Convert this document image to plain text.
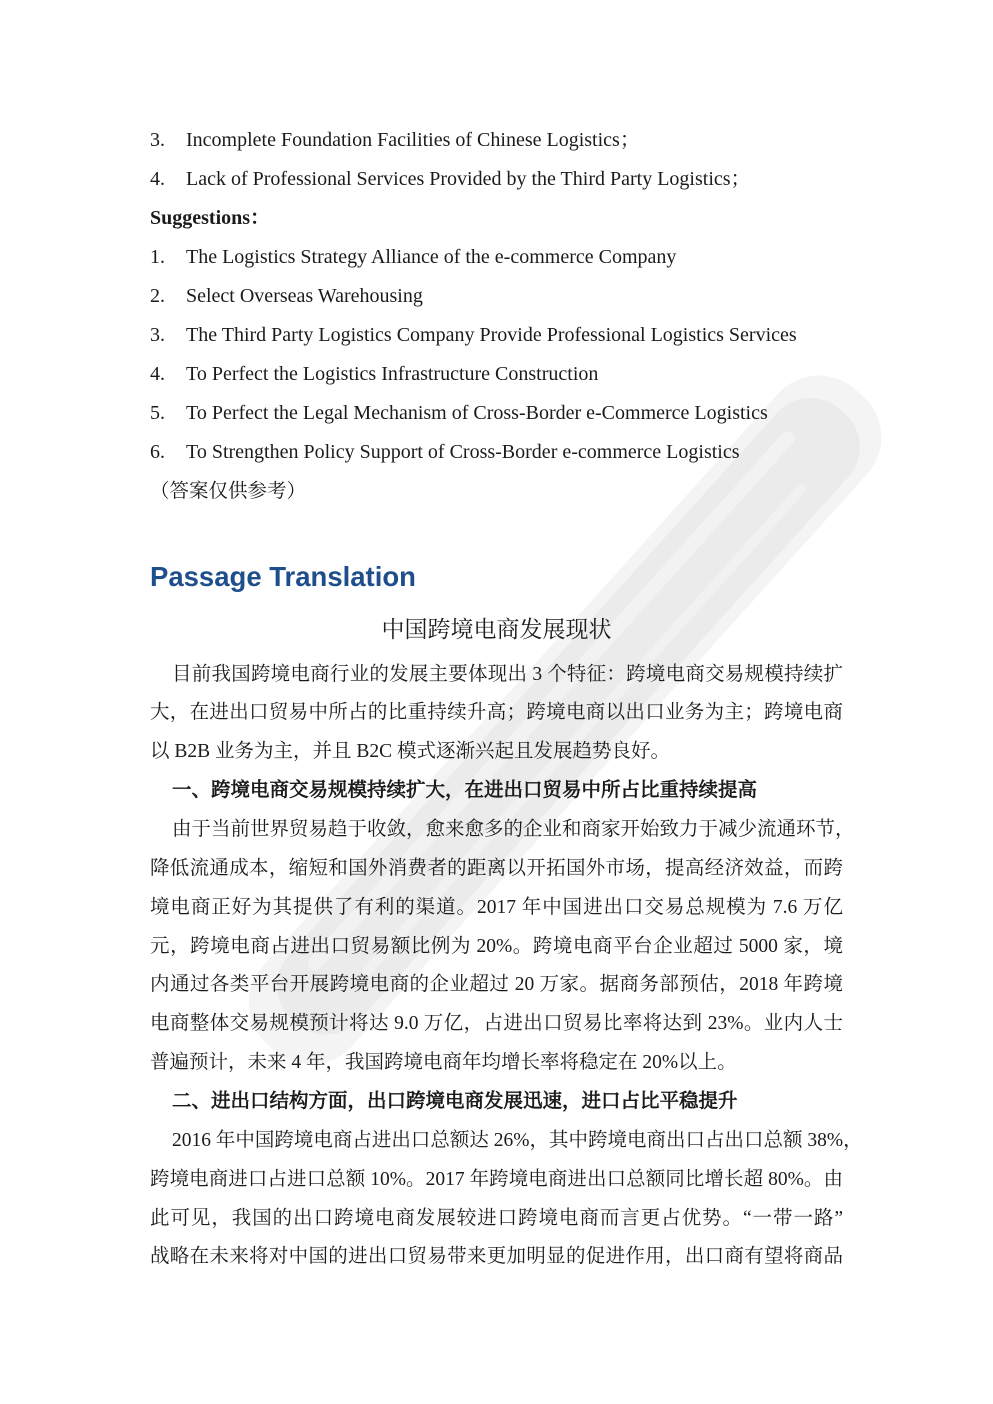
3. Incomplete Foundation Facilities of Chinese Logistics；
4. Lack of Professional Services Provided by the Third Party Logistics；
Suggestions：
1. The Logistics Strategy Alliance of the e-commerce Company
2. Select Overseas Warehousing
3. The Third Party Logistics Company Provide Professional Logistics Services
4. To Perfect the Logistics Infrastructure Construction
5. To Perfect the Legal Mechanism of Cross-Border e-Commerce Logistics
6. To Strengthen Policy Support of Cross-Border e-commerce Logistics
（答案仅供参考）
Passage Translation
中国跨境电商发展现状
目前我国跨境电商行业的发展主要体现出 3 个特征：跨境电商交易规模持续扩
大，在进出口贸易中所占的比重持续升高；跨境电商以出口业务为主；跨境电商
以 B2B 业务为主，并且 B2C 模式逐渐兴起且发展趋势良好。
一、跨境电商交易规模持续扩大，在进出口贸易中所占比重持续提高
由于当前世界贸易趋于收敛，愈来愈多的企业和商家开始致力于减少流通环节，
降低流通成本，缩短和国外消费者的距离以开拓国外市场，提高经济效益，而跨
境电商正好为其提供了有利的渠道。2017 年中国进出口交易总规模为 7.6 万亿
元，跨境电商占进出口贸易额比例为 20%。跨境电商平台企业超过 5000 家，境
内通过各类平台开展跨境电商的企业超过 20 万家。据商务部预估，2018 年跨境
电商整体交易规模预计将达 9.0 万亿，占进出口贸易比率将达到 23%。业内人士
普遍预计，未来 4 年，我国跨境电商年均增长率将稳定在 20%以上。
二、进出口结构方面，出口跨境电商发展迅速，进口占比平稳提升
2016 年中国跨境电商占进出口总额达 26%，其中跨境电商出口占出口总额 38%，
跨境电商进口占进口总额 10%。2017 年跨境电商进出口总额同比增长超 80%。由
此可见，我国的出口跨境电商发展较进口跨境电商而言更占优势。“一带一路”
战略在未来将对中国的进出口贸易带来更加明显的促进作用，出口商有望将商品
